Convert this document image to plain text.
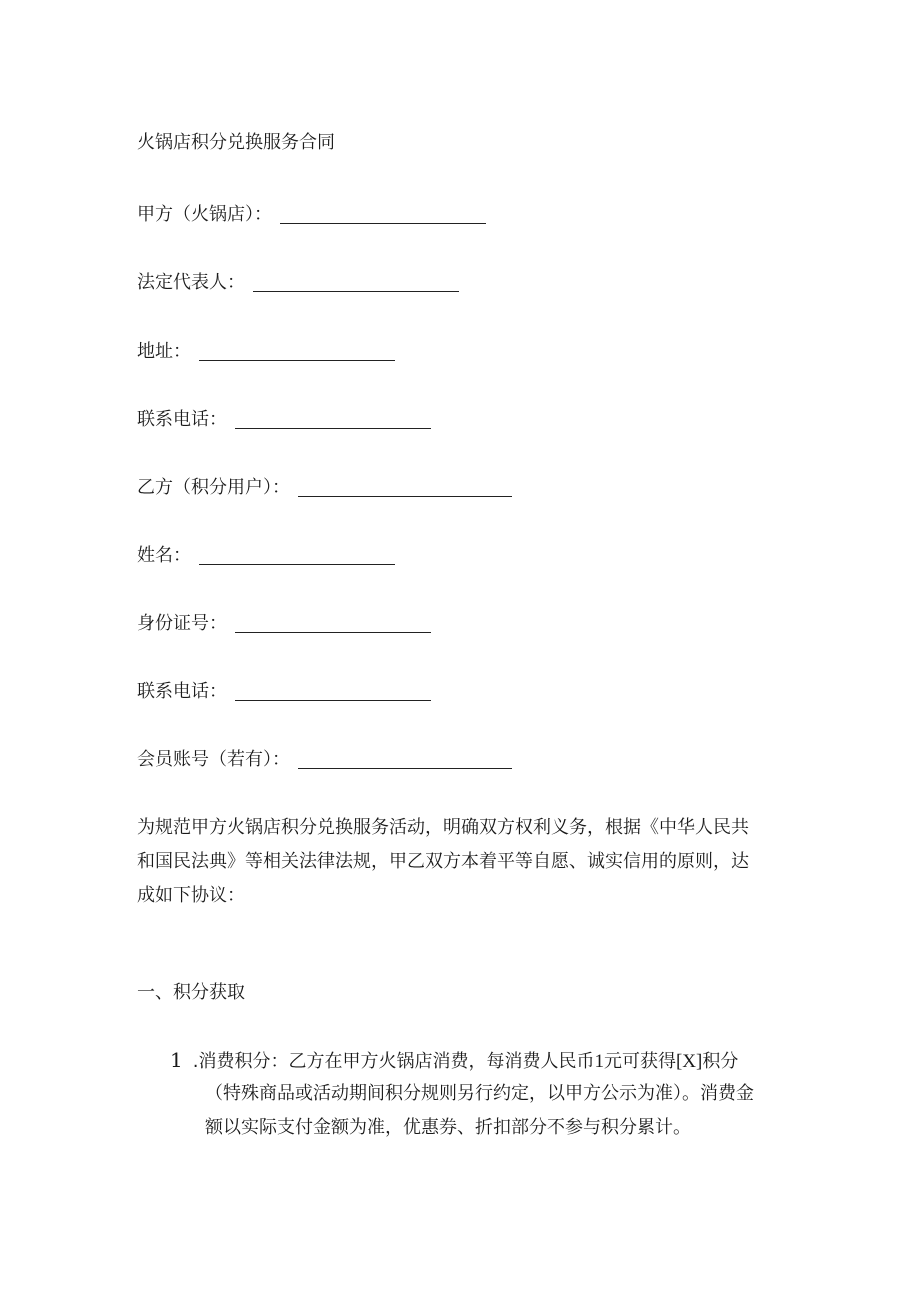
火锅店积分兑换服务合同
甲方（火锅店）：
法定代表人：
地址：
联系电话：
乙方（积分用户）：
姓名：
身份证号：
联系电话：
会员账号（若有）：
为规范甲方火锅店积分兑换服务活动，明确双方权利义务，根据《中华人民共
和国民法典》等相关法律法规，甲乙双方本着平等自愿、诚实信用的原则，达
成如下协议：
一、积分获取
1 .消费积分：乙方在甲方火锅店消费，每消费人民币1元可获得[X]积分
（特殊商品或活动期间积分规则另行约定，以甲方公示为准）。消费金
额以实际支付金额为准，优惠券、折扣部分不参与积分累计。
